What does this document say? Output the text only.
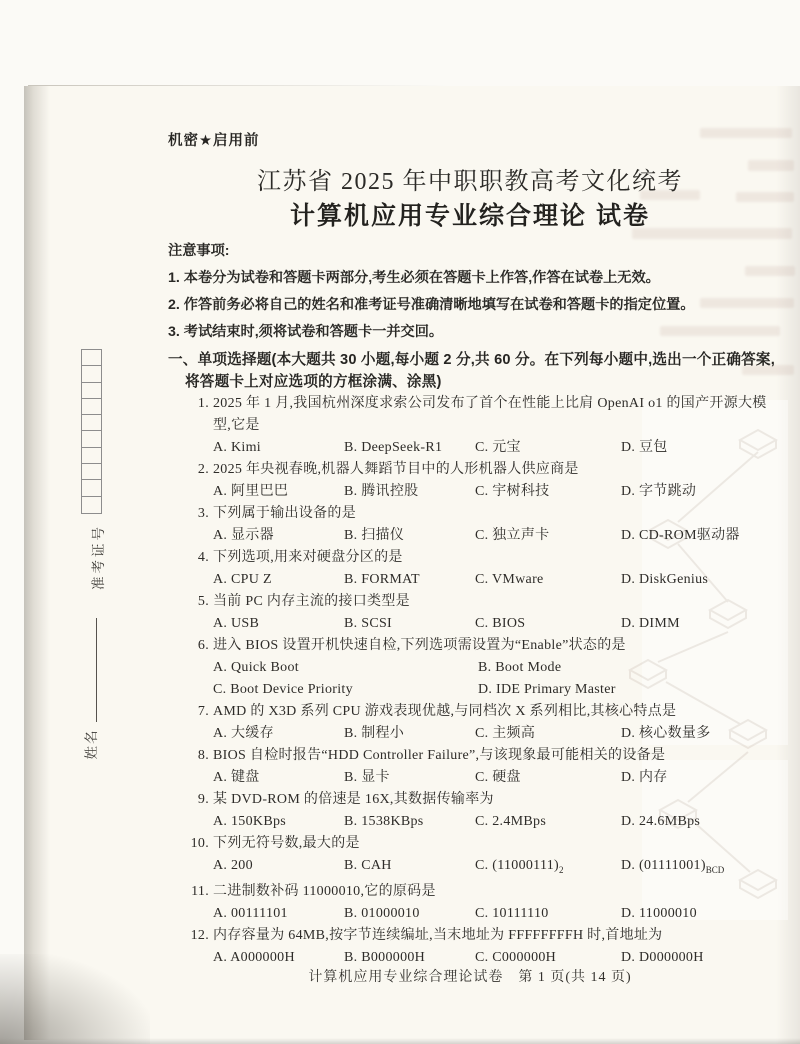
准考证号
姓名
机密★启用前
江苏省 2025 年中职职教高考文化统考
计算机应用专业综合理论 试卷
注意事项:
1. 本卷分为试卷和答题卡两部分,考生必须在答题卡上作答,作答在试卷上无效。
2. 作答前务必将自己的姓名和准考证号准确清晰地填写在试卷和答题卡的指定位置。
3. 考试结束时,须将试卷和答题卡一并交回。
一、单项选择题(本大题共 30 小题,每小题 2 分,共 60 分。在下列每小题中,选出一个正确答案,将答题卡上对应选项的方框涂满、涂黑)
1. 2025 年 1 月,我国杭州深度求索公司发布了首个在性能上比肩 OpenAI o1 的国产开源大模型,它是
A. Kimi	B. DeepSeek-R1	C. 元宝	D. 豆包
2. 2025 年央视春晚,机器人舞蹈节目中的人形机器人供应商是
A. 阿里巴巴	B. 腾讯控股	C. 宇树科技	D. 字节跳动
3. 下列属于输出设备的是
A. 显示器	B. 扫描仪	C. 独立声卡	D. CD-ROM驱动器
4. 下列选项,用来对硬盘分区的是
A. CPU Z	B. FORMAT	C. VMware	D. DiskGenius
5. 当前 PC 内存主流的接口类型是
A. USB	B. SCSI	C. BIOS	D. DIMM
6. 进入 BIOS 设置开机快速自检,下列选项需设置为“Enable”状态的是
A. Quick Boot	B. Boot Mode
C. Boot Device Priority	D. IDE Primary Master
7. AMD 的 X3D 系列 CPU 游戏表现优越,与同档次 X 系列相比,其核心特点是
A. 大缓存	B. 制程小	C. 主频高	D. 核心数量多
8. BIOS 自检时报告“HDD Controller Failure”,与该现象最可能相关的设备是
A. 键盘	B. 显卡	C. 硬盘	D. 内存
9. 某 DVD-ROM 的倍速是 16X,其数据传输率为
A. 150KBps	B. 1538KBps	C. 2.4MBps	D. 24.6MBps
10. 下列无符号数,最大的是
A. 200	B. CAH	C. $(11000111)_2$	D. $(01111001)_{BCD}$
11. 二进制数补码 11000010,它的原码是
A. 00111101	B. 01000010	C. 10111110	D. 11000010
12. 内存容量为 64MB,按字节连续编址,当末地址为 FFFFFFFFH 时,首地址为
A. A000000H	B. B000000H	C. C000000H	D. D000000H
计算机应用专业综合理论试卷　第 1 页(共 14 页)
